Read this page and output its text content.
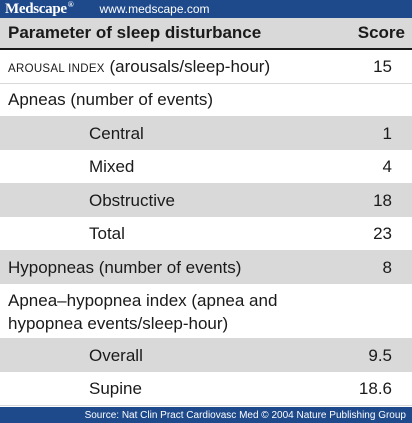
Medscape® www.medscape.com
Parameter of sleep disturbance	Score
AROUSAL INDEX (arousals/sleep-hour)	15
Apneas (number of events)
Central	1
Mixed	4
Obstructive	18
Total	23
Hypopneas (number of events)	8
Apnea–hypopnea index (apnea and hypopnea events/sleep-hour)
Overall	9.5
Supine	18.6
Source: Nat Clin Pract Cardiovasc Med © 2004 Nature Publishing Group
